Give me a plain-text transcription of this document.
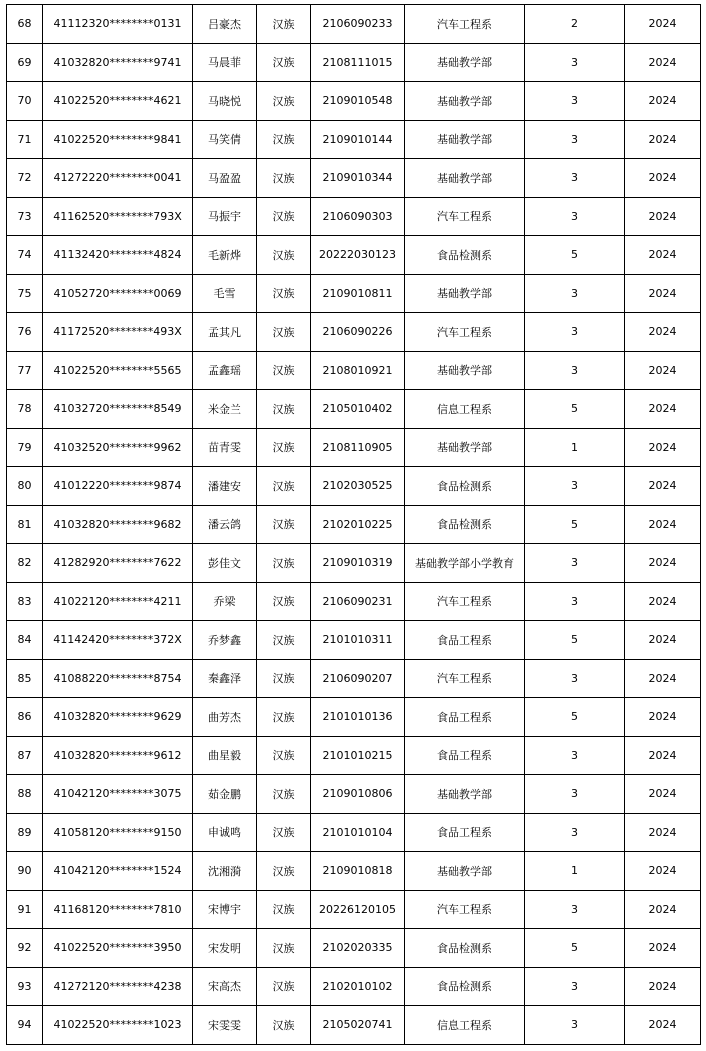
68	41112320********0131	吕豪杰	汉族	2106090233	汽车工程系	2	2024
69	41032820********9741	马晨菲	汉族	2108111015	基础教学部	3	2024
70	41022520********4621	马晓悦	汉族	2109010548	基础教学部	3	2024
71	41022520********9841	马笑倩	汉族	2109010144	基础教学部	3	2024
72	41272220********0041	马盈盈	汉族	2109010344	基础教学部	3	2024
73	41162520********793X	马振宇	汉族	2106090303	汽车工程系	3	2024
74	41132420********4824	毛新烨	汉族	20222030123	食品检测系	5	2024
75	41052720********0069	毛雪	汉族	2109010811	基础教学部	3	2024
76	41172520********493X	孟其凡	汉族	2106090226	汽车工程系	3	2024
77	41022520********5565	孟鑫瑶	汉族	2108010921	基础教学部	3	2024
78	41032720********8549	米金兰	汉族	2105010402	信息工程系	5	2024
79	41032520********9962	苗青雯	汉族	2108110905	基础教学部	1	2024
80	41012220********9874	潘建安	汉族	2102030525	食品检测系	3	2024
81	41032820********9682	潘云鸽	汉族	2102010225	食品检测系	5	2024
82	41282920********7622	彭佳文	汉族	2109010319	基础教学部小学教育	3	2024
83	41022120********4211	乔梁	汉族	2106090231	汽车工程系	3	2024
84	41142420********372X	乔梦鑫	汉族	2101010311	食品工程系	5	2024
85	41088220********8754	秦鑫泽	汉族	2106090207	汽车工程系	3	2024
86	41032820********9629	曲芳杰	汉族	2101010136	食品工程系	5	2024
87	41032820********9612	曲星毅	汉族	2101010215	食品工程系	3	2024
88	41042120********3075	茹金鹏	汉族	2109010806	基础教学部	3	2024
89	41058120********9150	申诚鸣	汉族	2101010104	食品工程系	3	2024
90	41042120********1524	沈湘漪	汉族	2109010818	基础教学部	1	2024
91	41168120********7810	宋博宇	汉族	20226120105	汽车工程系	3	2024
92	41022520********3950	宋发明	汉族	2102020335	食品检测系	5	2024
93	41272120********4238	宋高杰	汉族	2102010102	食品检测系	3	2024
94	41022520********1023	宋雯雯	汉族	2105020741	信息工程系	3	2024
